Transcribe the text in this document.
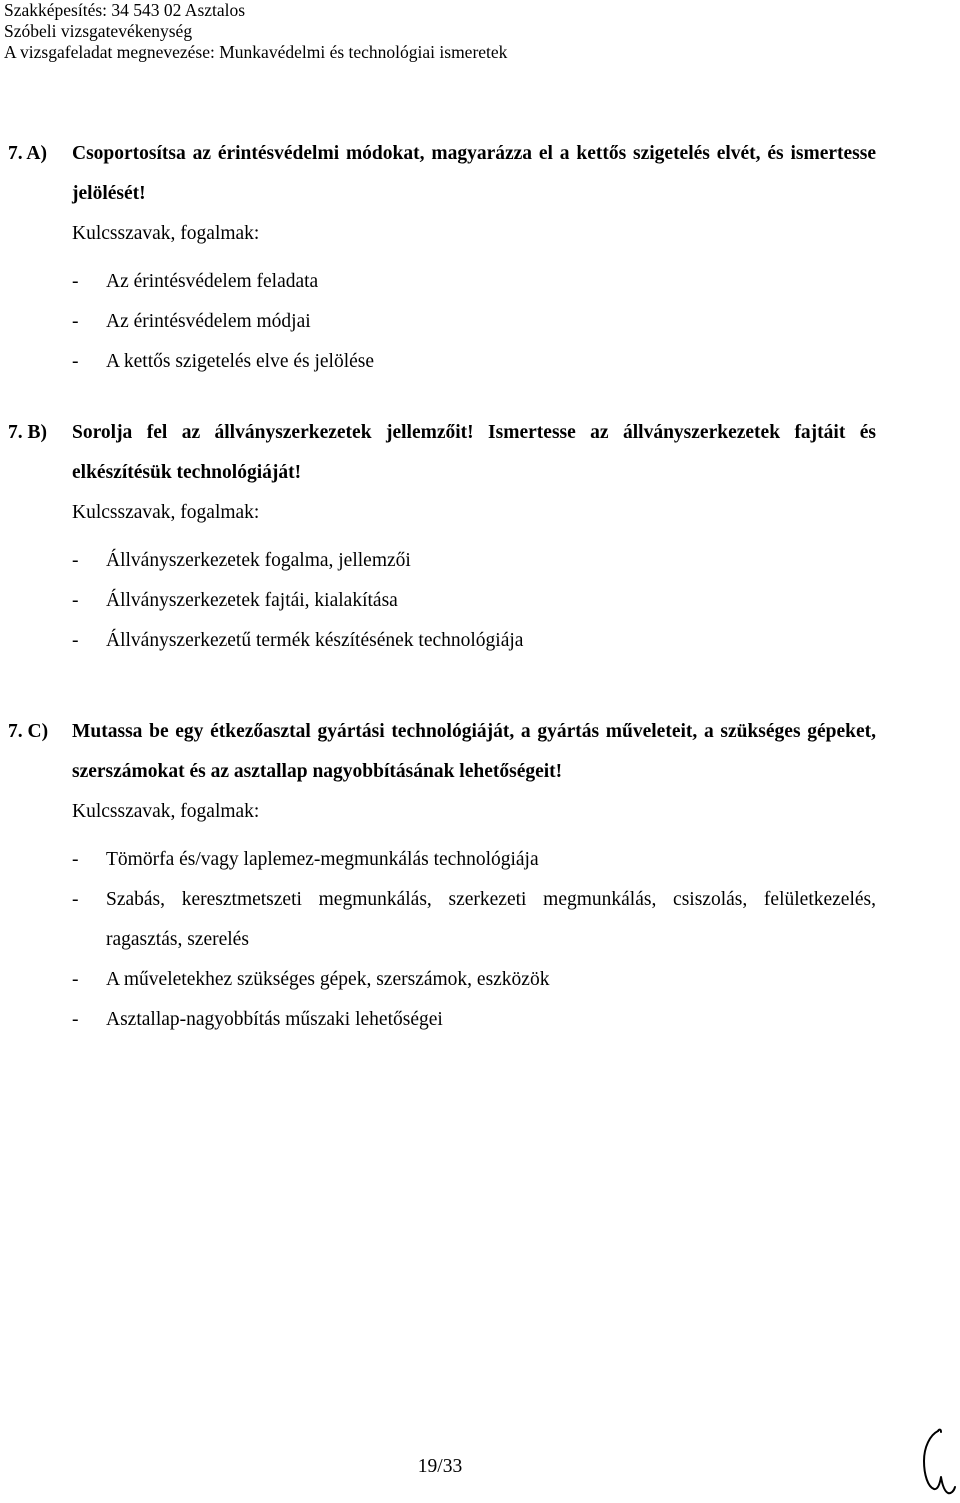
Szakképesítés: 34 543 02 Asztalos
Szóbeli vizsgatevékenység
A vizsgafeladat megnevezése: Munkavédelmi és technológiai ismeretek
7. A)	Csoportosítsa az érintésvédelmi módokat, magyarázza el a kettős szigetelés elvét, és ismertesse jelölését!
Kulcsszavak, fogalmak:
-	Az érintésvédelem feladata
-	Az érintésvédelem módjai
-	A kettős szigetelés elve és jelölése
7. B)	Sorolja fel az állványszerkezetek jellemzőit! Ismertesse az állványszerkezetek fajtáit és elkészítésük technológiáját!
Kulcsszavak, fogalmak:
-	Állványszerkezetek fogalma, jellemzői
-	Állványszerkezetek fajtái, kialakítása
-	Állványszerkezetű termék készítésének technológiája
7. C)	Mutassa be egy étkezőasztal gyártási technológiáját, a gyártás műveleteit, a szükséges gépeket, szerszámokat és az asztallap nagyobbításának lehetőségeit!
Kulcsszavak, fogalmak:
-	Tömörfa és/vagy laplemez-megmunkálás technológiája
-	Szabás, keresztmetszeti megmunkálás, szerkezeti megmunkálás, csiszolás, felületkezelés, ragasztás, szerelés
-	A műveletekhez szükséges gépek, szerszámok, eszközök
-	Asztallap-nagyobbítás műszaki lehetőségei
19/33
